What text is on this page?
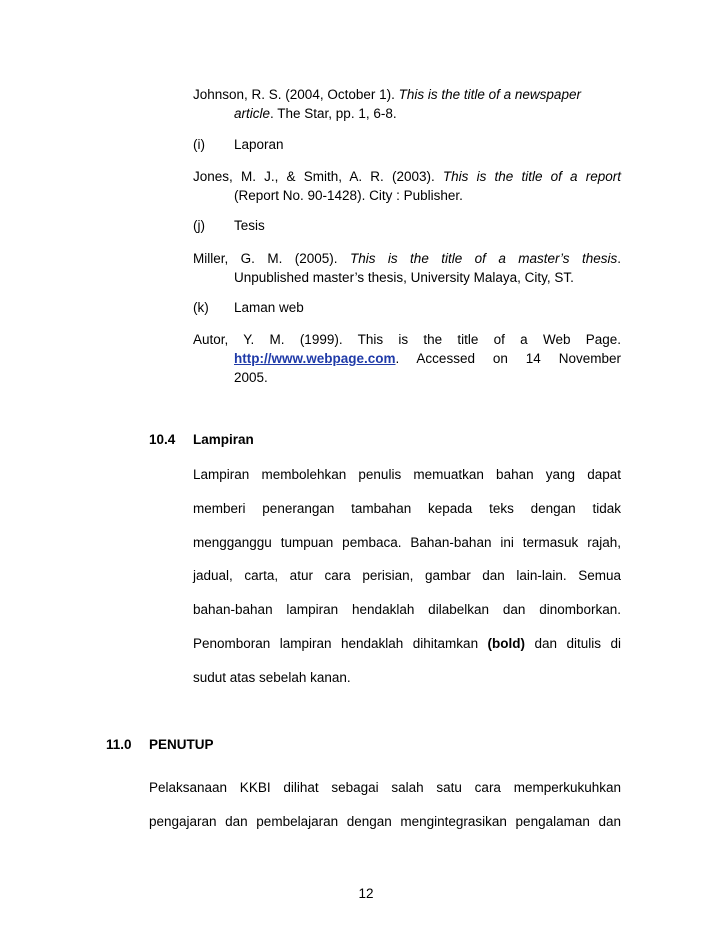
Johnson, R. S. (2004, October 1). This is the title of a newspaper
article. The Star, pp. 1, 6-8.
(i) Laporan
Jones, M. J., & Smith, A. R. (2003). This is the title of a report
(Report No. 90-1428). City : Publisher.
(j) Tesis
Miller, G. M. (2005). This is the title of a master’s thesis.
Unpublished master’s thesis, University Malaya, City, ST.
(k) Laman web
Autor, Y. M. (1999). This is the title of a Web Page.
http://www.webpage.com. Accessed on 14 November
2005.
10.4 Lampiran
Lampiran membolehkan penulis memuatkan bahan yang dapat
memberi penerangan tambahan kepada teks dengan tidak
mengganggu tumpuan pembaca. Bahan-bahan ini termasuk rajah,
jadual, carta, atur cara perisian, gambar dan lain-lain. Semua
bahan-bahan lampiran hendaklah dilabelkan dan dinomborkan.
Penomboran lampiran hendaklah dihitamkan (bold) dan ditulis di
sudut atas sebelah kanan.
11.0 PENUTUP
Pelaksanaan KKBI dilihat sebagai salah satu cara memperkukuhkan
pengajaran dan pembelajaran dengan mengintegrasikan pengalaman dan
12
